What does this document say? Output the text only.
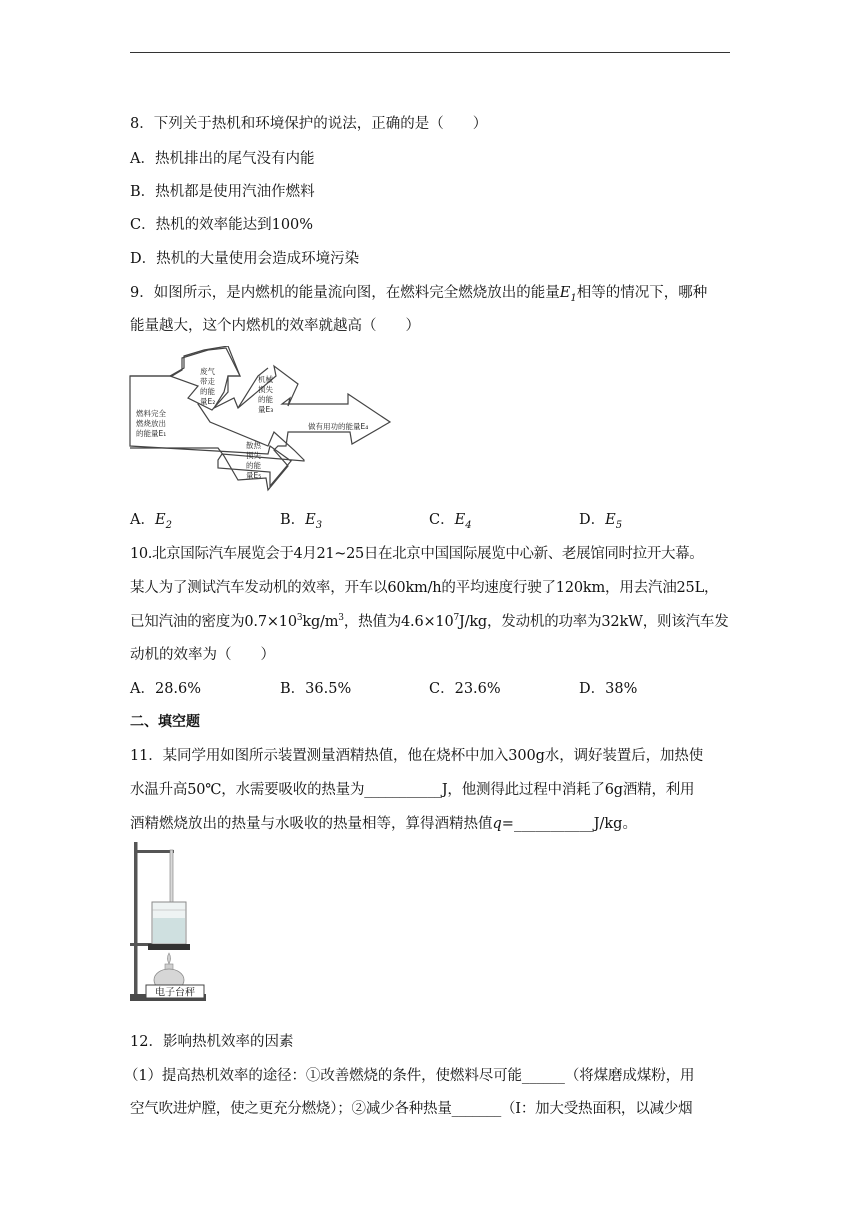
8．下列关于热机和环境保护的说法，正确的是（　　）
A．热机排出的尾气没有内能
B．热机都是使用汽油作燃料
C．热机的效率能达到100%
D．热机的大量使用会造成环境污染
9．如图所示，是内燃机的能量流向图，在燃料完全燃烧放出的能量$E_1$相等的情况下，哪种
能量越大，这个内燃机的效率就越高（　　）
燃料完全
燃烧放出
的能量E₁
废气
带走
的能
量E₂
机械
损失
的能
量E₃
做有用功的能量E₄
散热
损失
的能
量E₅
A．$E_2$	B．$E_3$	C．$E_4$	D．$E_5$
10.北京国际汽车展览会于4月21~25日在北京中国国际展览中心新、老展馆同时拉开大幕。
某人为了测试汽车发动机的效率，开车以60km/h的平均速度行驶了120km，用去汽油25L，
已知汽油的密度为$0.7\times 10^3kg/m^3$，热值为$4.6\times 10^7J/kg$，发动机的功率为32kW，则该汽车发
动机的效率为（　　）
A．28.6%	B．36.5%	C．23.6%	D．38%
二、填空题
11．某同学用如图所示装置测量酒精热值，他在烧杯中加入300g水，调好装置后，加热使
水温升高50℃，水需要吸收的热量为___________J，他测得此过程中消耗了6g酒精，利用
酒精燃烧放出的热量与水吸收的热量相等，算得酒精热值q=___________J/kg。
电子台秤
12．影响热机效率的因素
（1）提高热机效率的途径：①改善燃烧的条件，使燃料尽可能______（将煤磨成煤粉，用
空气吹进炉膛，使之更充分燃烧）；②减少各种热量_______（I：加大受热面积，以减少烟
